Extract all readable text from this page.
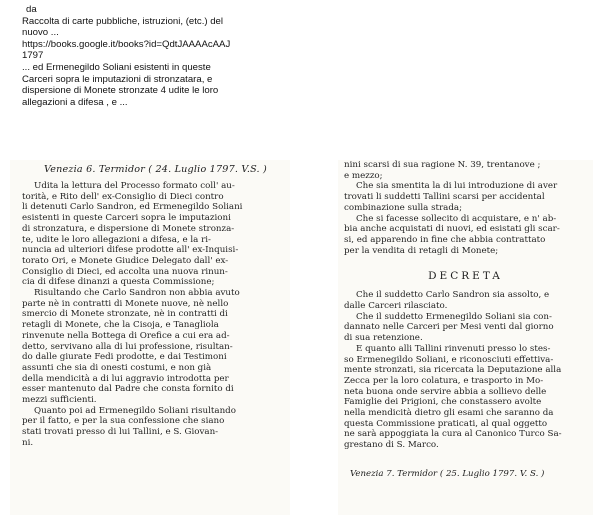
da
Raccolta di carte pubbliche, istruzioni, (etc.) del
nuovo ...
https://books.google.it/books?id=QdtJAAAAcAAJ
1797
... ed Ermenegildo Soliani esistenti in queste
Carceri sopra le imputazioni di stronzatara, e
dispersione di Monete stronzate 4 udite le loro
allegazioni a difesa , e ...
Venezia 6. Termidor ( 24. Luglio 1797. V.S. )
Udita la lettura del Processo formato coll' au-
torità, e Rito dell' ex-Consiglio di Dieci contro
li detenuti Carlo Sandron, ed Ermenegildo Soliani
esistenti in queste Carceri sopra le imputazioni
di stronzatura, e dispersione di Monete stronza-
te, udite le loro allegazioni a difesa, e la ri-
nuncia ad ulteriori difese prodotte all' ex-Inquisi-
torato Ori, e Monete Giudice Delegato dall' ex-
Consiglio di Dieci, ed accolta una nuova rinun-
cia di difese dinanzi a questa Commissione;
Risultando che Carlo Sandron non abbia avuto
parte nè in contratti di Monete nuove, nè nello
smercio di Monete stronzate, nè in contratti di
retagli di Monete, che la Cisoja, e Tanagliola
rinvenute nella Bottega di Orefice a cui era ad-
detto, servivano alla di lui professione, risultan-
do dalle giurate Fedi prodotte, e dai Testimoni
assunti che sia di onesti costumi, e non già
della mendicità a di lui aggravio introdotta per
esser mantenuto dal Padre che consta fornito di
mezzi sufficienti.
Quanto poi ad Ermenegildo Soliani risultando
per il fatto, e per la sua confessione che siano
stati trovati presso di lui Tallini, e S. Giovan-
ni.
nini scarsi di sua ragione N. 39, trentanove ;
e mezzo;
Che sia smentita la di lui introduzione di aver
trovati li suddetti Tallini scarsi per accidental
combinazione sulla strada;
Che si facesse sollecito di acquistare, e n' ab-
bia anche acquistati di nuovi, ed esistati gli scar-
si, ed apparendo in fine che abbia contrattato
per la vendita di retagli di Monete;
DECRETA
Che il suddetto Carlo Sandron sia assolto, e
dalle Carceri rilasciato.
Che il suddetto Ermenegildo Soliani sia con-
dannato nelle Carceri per Mesi venti dal giorno
di sua retenzione.
E quanto alli Tallini rinvenuti presso lo stes-
so Ermenegildo Soliani, e riconosciuti effettiva-
mente stronzati, sia ricercata la Deputazione alla
Zecca per la loro colatura, e trasporto in Mo-
neta buona onde servire abbia a sollievo delle
Famiglie dei Prigioni, che constassero avolte
nella mendicità dietro gli esami che saranno da
questa Commissione praticati, al qual oggetto
ne sarà appoggiata la cura al Canonico Turco Sa-
grestano di S. Marco.
Venezia 7. Termidor ( 25. Luglio 1797. V. S. )
